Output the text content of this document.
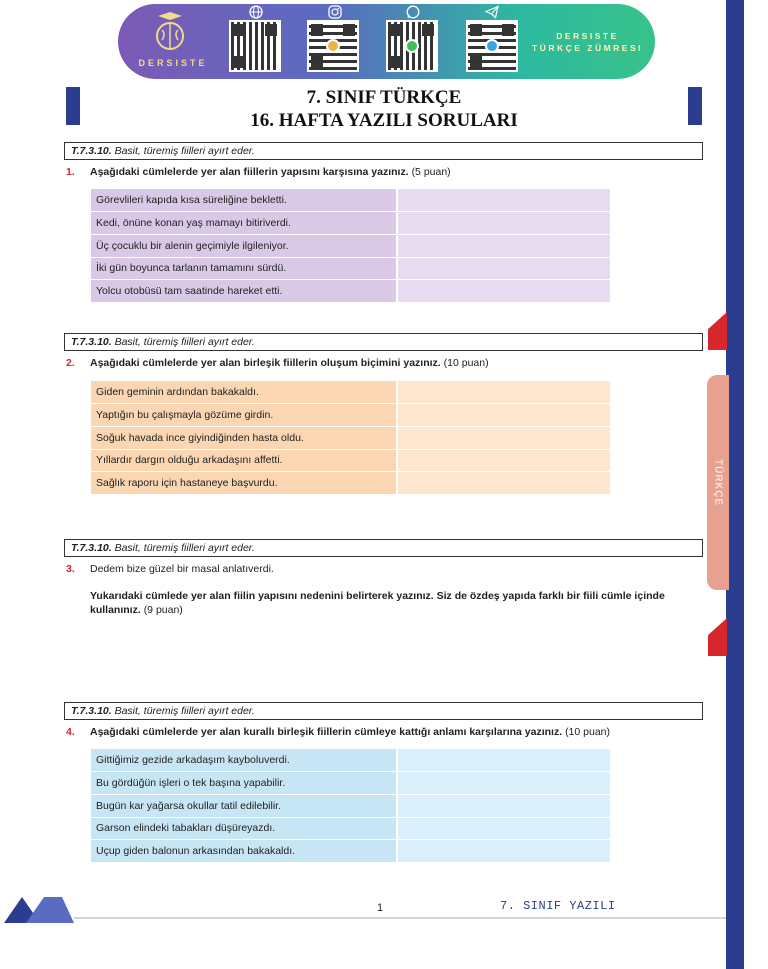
TÜRKÇE
DERSISTE
DERSISTE
TÜRKÇE ZÜMRESI
7. SINIF TÜRKÇE
16. HAFTA YAZILI SORULARI
T.7.3.10. Basit, türemiş fiilleri ayırt eder.
1. Aşağıdaki cümlelerde yer alan fiillerin yapısını karşısına yazınız. (5 puan)
Görevlileri kapıda kısa süreliğine bekletti.	
Kedi, önüne konan yaş mamayı bitiriverdi.	
Üç çocuklu bir alenin geçimiyle ilgileniyor.	
İki gün boyunca tarlanın tamamını sürdü.	
Yolcu otobüsü tam saatinde hareket etti.	
T.7.3.10. Basit, türemiş fiilleri ayırt eder.
2. Aşağıdaki cümlelerde yer alan birleşik fiillerin oluşum biçimini yazınız. (10 puan)
Giden geminin ardından bakakaldı.	
Yaptığın bu çalışmayla gözüme girdin.	
Soğuk havada ince giyindiğinden hasta oldu.	
Yıllardır dargın olduğu arkadaşını affetti.	
Sağlık raporu için hastaneye başvurdu.	
T.7.3.10. Basit, türemiş fiilleri ayırt eder.
3. Dedem bize güzel bir masal anlatıverdi.
Yukarıdaki cümlede yer alan fiilin yapısını nedenini belirterek yazınız. Siz de özdeş yapıda farklı bir fiili cümle içinde kullanınız. (9 puan)
T.7.3.10. Basit, türemiş fiilleri ayırt eder.
4. Aşağıdaki cümlelerde yer alan kurallı birleşik fiillerin cümleye kattığı anlamı karşılarına yazınız. (10 puan)
Gittiğimiz gezide arkadaşım kayboluverdi.	
Bu gördüğün işleri o tek başına yapabilir.	
Bugün kar yağarsa okullar tatil edilebilir.	
Garson elindeki tabakları düşüreyazdı.	
Uçup giden balonun arkasından bakakaldı.	
1	7. SINIF YAZILI
